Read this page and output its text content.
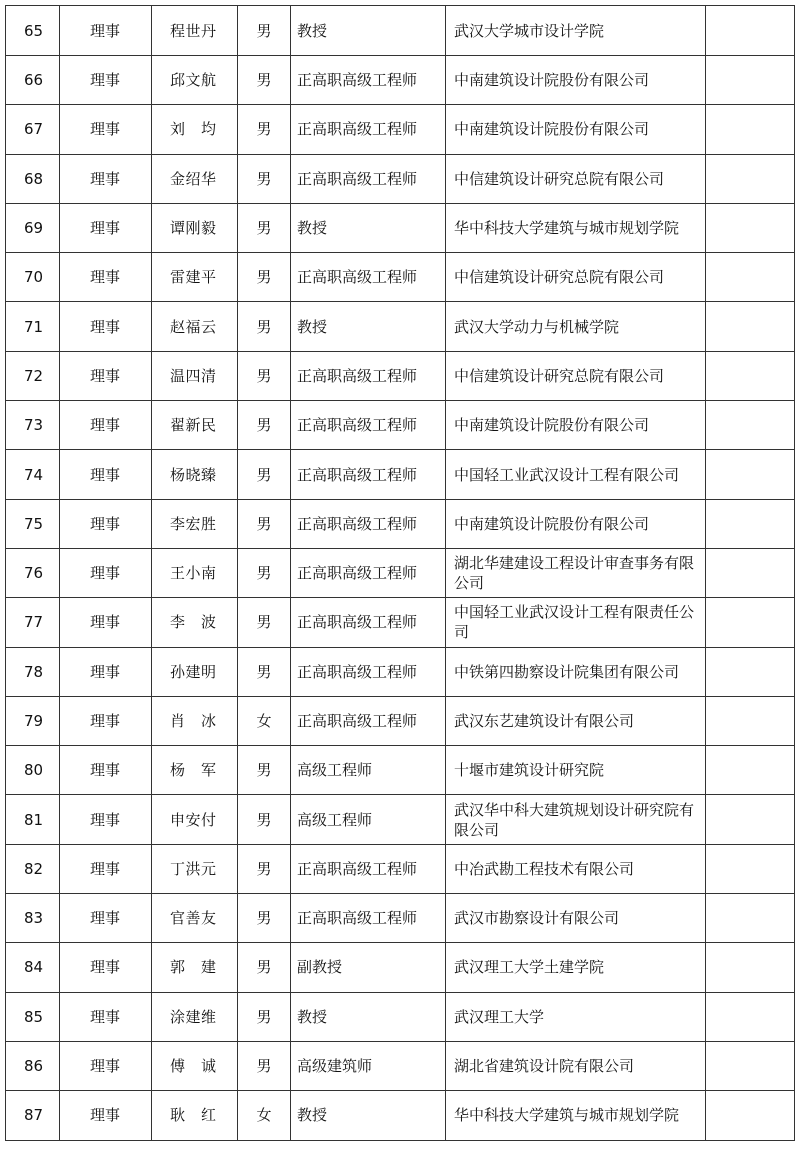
65	理事	程世丹	男	教授	武汉大学城市设计学院	
66	理事	邱文航	男	正高职高级工程师	中南建筑设计院股份有限公司	
67	理事	刘　均	男	正高职高级工程师	中南建筑设计院股份有限公司	
68	理事	金绍华	男	正高职高级工程师	中信建筑设计研究总院有限公司	
69	理事	谭刚毅	男	教授	华中科技大学建筑与城市规划学院	
70	理事	雷建平	男	正高职高级工程师	中信建筑设计研究总院有限公司	
71	理事	赵福云	男	教授	武汉大学动力与机械学院	
72	理事	温四清	男	正高职高级工程师	中信建筑设计研究总院有限公司	
73	理事	翟新民	男	正高职高级工程师	中南建筑设计院股份有限公司	
74	理事	杨晓臻	男	正高职高级工程师	中国轻工业武汉设计工程有限公司	
75	理事	李宏胜	男	正高职高级工程师	中南建筑设计院股份有限公司	
76	理事	王小南	男	正高职高级工程师	湖北华建建设工程设计审查事务有限公司	
77	理事	李　波	男	正高职高级工程师	中国轻工业武汉设计工程有限责任公司	
78	理事	孙建明	男	正高职高级工程师	中铁第四勘察设计院集团有限公司	
79	理事	肖　冰	女	正高职高级工程师	武汉东艺建筑设计有限公司	
80	理事	杨　军	男	高级工程师	十堰市建筑设计研究院	
81	理事	申安付	男	高级工程师	武汉华中科大建筑规划设计研究院有限公司	
82	理事	丁洪元	男	正高职高级工程师	中冶武勘工程技术有限公司	
83	理事	官善友	男	正高职高级工程师	武汉市勘察设计有限公司	
84	理事	郭　建	男	副教授	武汉理工大学土建学院	
85	理事	涂建维	男	教授	武汉理工大学	
86	理事	傅　诚	男	高级建筑师	湖北省建筑设计院有限公司	
87	理事	耿　红	女	教授	华中科技大学建筑与城市规划学院	
